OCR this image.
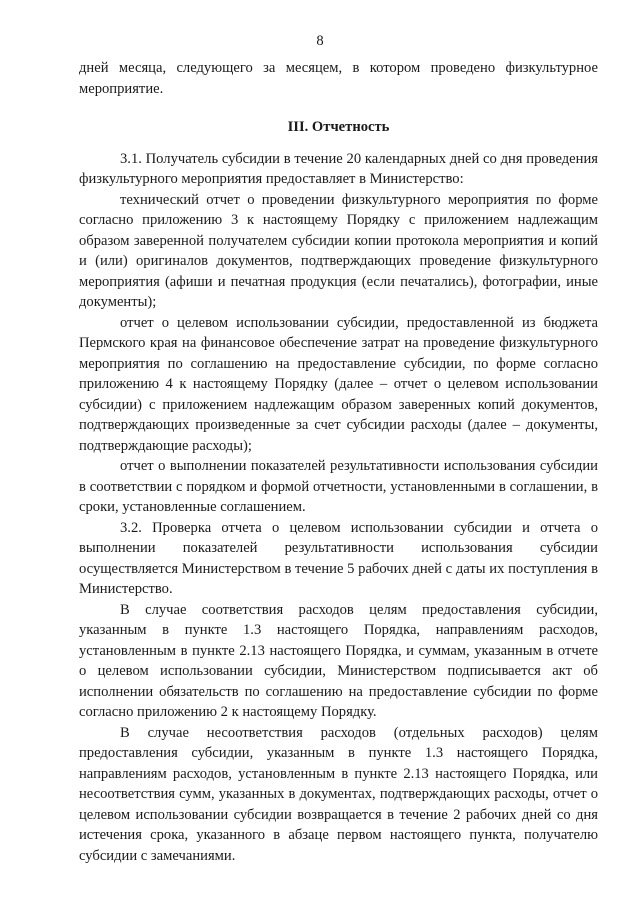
8

дней месяца, следующего за месяцем, в котором проведено физкультурное мероприятие.

III. Отчетность

3.1. Получатель субсидии в течение 20 календарных дней со дня проведения физкультурного мероприятия предоставляет в Министерство:

технический отчет о проведении физкультурного мероприятия по форме согласно приложению 3 к настоящему Порядку с приложением надлежащим образом заверенной получателем субсидии копии протокола мероприятия и копий и (или) оригиналов документов, подтверждающих проведение физкультурного мероприятия (афиши и печатная продукция (если печатались), фотографии, иные документы);

отчет о целевом использовании субсидии, предоставленной из бюджета Пермского края на финансовое обеспечение затрат на проведение физкультурного мероприятия по соглашению на предоставление субсидии, по форме согласно приложению 4 к настоящему Порядку (далее – отчет о целевом использовании субсидии) с приложением надлежащим образом заверенных копий документов, подтверждающих произведенные за счет субсидии расходы (далее – документы, подтверждающие расходы);

отчет о выполнении показателей результативности использования субсидии в соответствии с порядком и формой отчетности, установленными в соглашении, в сроки, установленные соглашением.

3.2. Проверка отчета о целевом использовании субсидии и отчета о выполнении показателей результативности использования субсидии осуществляется Министерством в течение 5 рабочих дней с даты их поступления в Министерство.

В случае соответствия расходов целям предоставления субсидии, указанным в пункте 1.3 настоящего Порядка, направлениям расходов, установленным в пункте 2.13 настоящего Порядка, и суммам, указанным в отчете о целевом использовании субсидии, Министерством подписывается акт об исполнении обязательств по соглашению на предоставление субсидии по форме согласно приложению 2 к настоящему Порядку.

В случае несоответствия расходов (отдельных расходов) целям предоставления субсидии, указанным в пункте 1.3 настоящего Порядка, направлениям расходов, установленным в пункте 2.13 настоящего Порядка, или несоответствия сумм, указанных в документах, подтверждающих расходы, отчет о целевом использовании субсидии возвращается в течение 2 рабочих дней со дня истечения срока, указанного в абзаце первом настоящего пункта, получателю субсидии с замечаниями.
